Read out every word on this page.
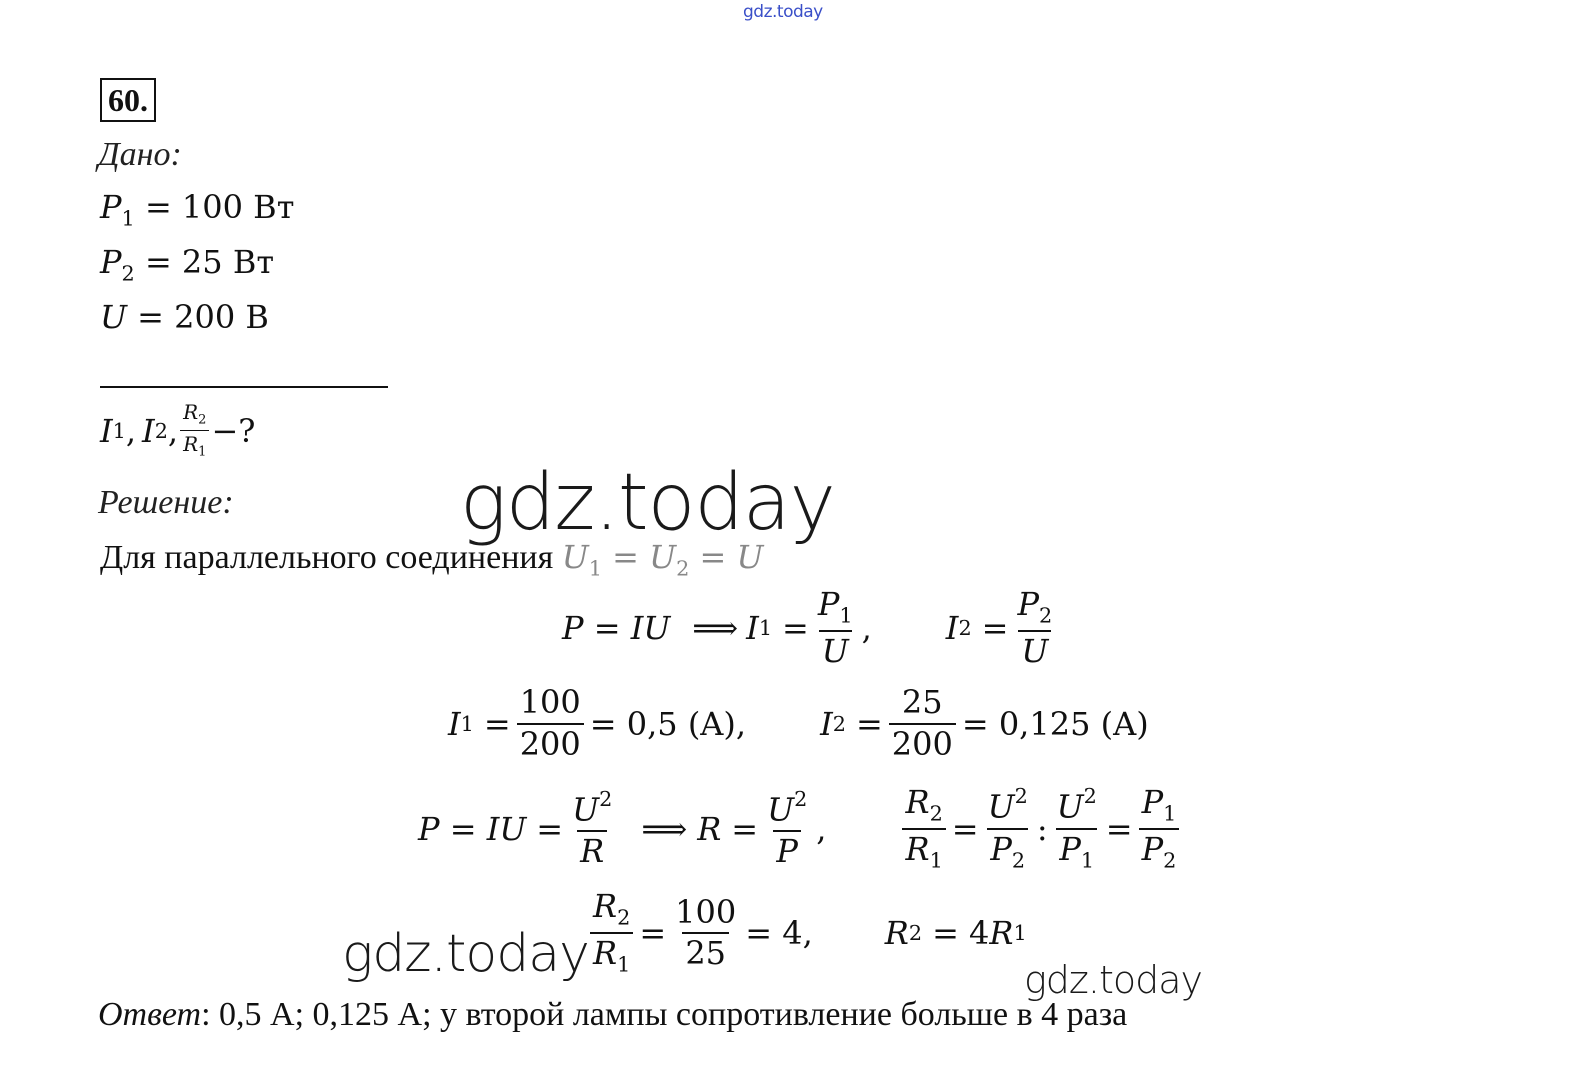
gdz.today
gdz.today
gdz.today	gdz.today
60.
Дано:
$P_1 = 100$ Вт
$P_2 = 25$ Вт
U = 200 В
I 1 , I 2 , $\frac{R_2}{R_1}$ −?
Решение:
Для параллельного соединения $U_1 = U_2 = U$
P = IU ⟹ I $1 = \frac{P_1}{U}$ , I $2 = \frac{P_2}{U}$
I $1 = \frac{100}{200} = 0,5$ (A), I $2 = \frac{25}{200} = 0,125$ (A)
P = IU = $\frac{U^2}{R}$ ⟹ $R = \frac{U^2}{P}$ , $\frac{R_2}{R_1} = \frac{U^2}{P_2}$ : $\frac{U^2}{P_1} = \frac{P_1}{P_2}$
$\frac{R_2}{R_1} = \frac{100}{25} = 4$, R 2 = 4 R 1
Ответ: 0,5 А; 0,125 А; у второй лампы сопротивление больше в 4 раза
